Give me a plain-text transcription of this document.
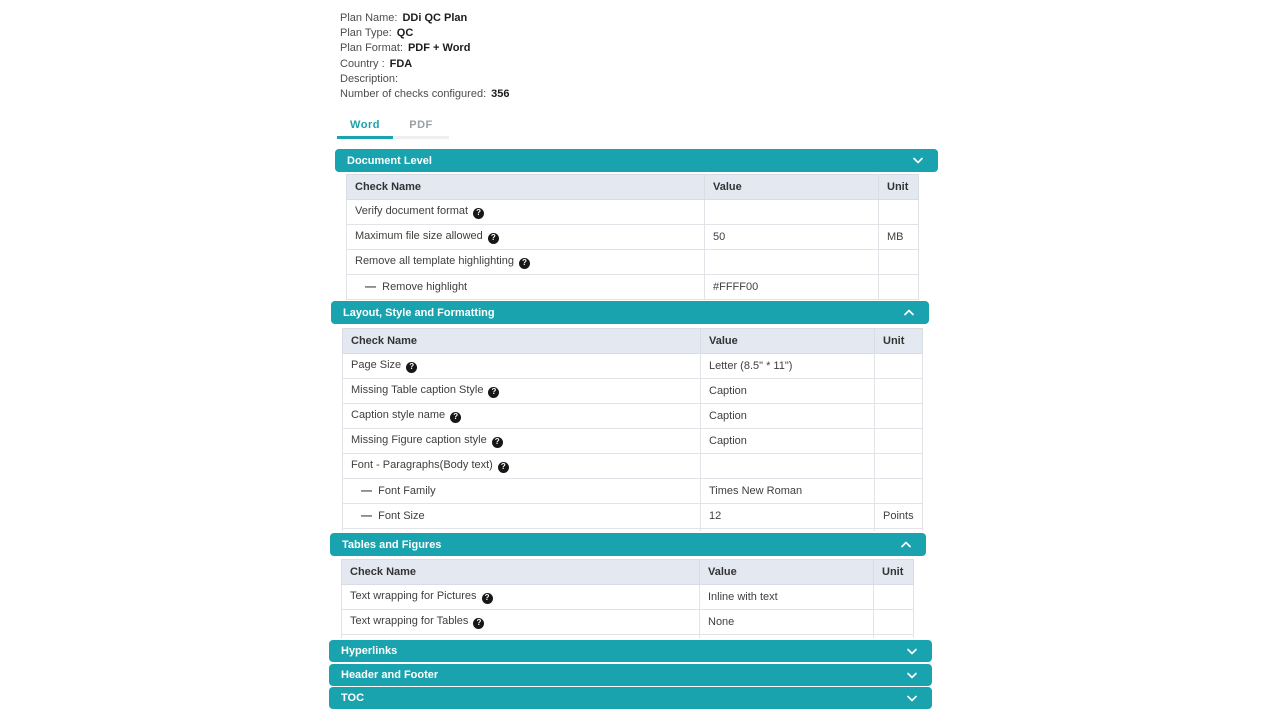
Plan Name: DDi QC Plan
Plan Type: QC
Plan Format: PDF + Word
Country : FDA
Description:
Number of checks configured: 356
Word	PDF
Document Level
Check Name	Value	Unit
Verify document format ?		
Maximum file size allowed ?	50	MB
Remove all template highlighting ?		
—  Remove highlight	#FFFF00	
Layout, Style and Formatting
Check Name	Value	Unit
Page Size ?	Letter (8.5" * 11")	
Missing Table caption Style ?	Caption	
Caption style name ?	Caption	
Missing Figure caption style ?	Caption	
Font - Paragraphs(Body text) ?		
—  Font Family	Times New Roman	
—  Font Size	12	Points

Tables and Figures
Check Name	Value	Unit
Text wrapping for Pictures ?	Inline with text	
Text wrapping for Tables ?	None	

Hyperlinks
Header and Footer
TOC
